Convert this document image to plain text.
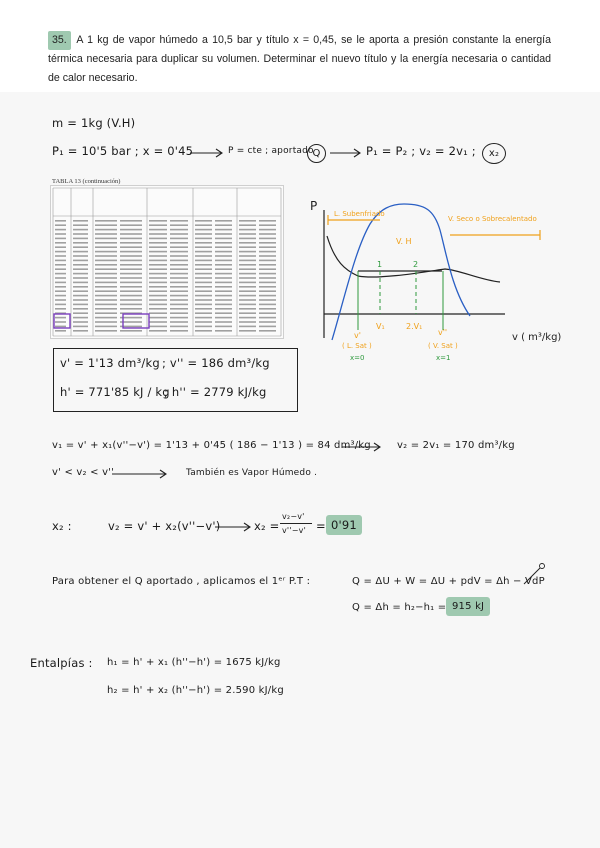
35. A 1 kg de vapor húmedo a 10,5 bar y título x = 0,45, se le aporta a presión constante la energía térmica necesaria para duplicar su volumen. Determinar el nuevo título y la energía necesaria o cantidad de calor necesario.
m = 1kg (V.H)
P₁ = 10'5 bar ; x = 0'45	P = cte ; aportado
Q	P₁ = P₂ ; v₂ = 2v₁ ;	x₂
TABLA 13 (continuación)
v' = 1'13 dm³/kg ; v'' = 186 dm³/kg
h' = 771'85 kJ / kg
; h'' = 2779 kJ/kg
P
L. Subenfriado
V. Seco o Sobrecalentado
V. H
1	2
v'
V₁	2.V₁
v''
( L. Sat )	( V. Sat )
x=0	x=1
v ( m³/kg)
v₁ = v' + x₁(v''−v') = 1'13 + 0'45 ( 186 − 1'13 ) = 84 dm³/kg	v₂ = 2v₁ = 170 dm³/kg
v' < v₂ < v''	También es Vapor Húmedo .
x₂ :	v₂ = v' + x₂(v''−v')	x₂ =
v₂−v'
v''−v' = 0'91
Para obtener el Q aportado , aplicamos el 1ᵉʳ P.T :	Q = ΔU + W = ΔU + pdV = Δh − VdP
Q = Δh = h₂−h₁ = 915 kJ
Entalpías : h₁ = h' + x₁ (h''−h') = 1675 kJ/kg
h₂ = h' + x₂ (h''−h') = 2.590 kJ/kg
